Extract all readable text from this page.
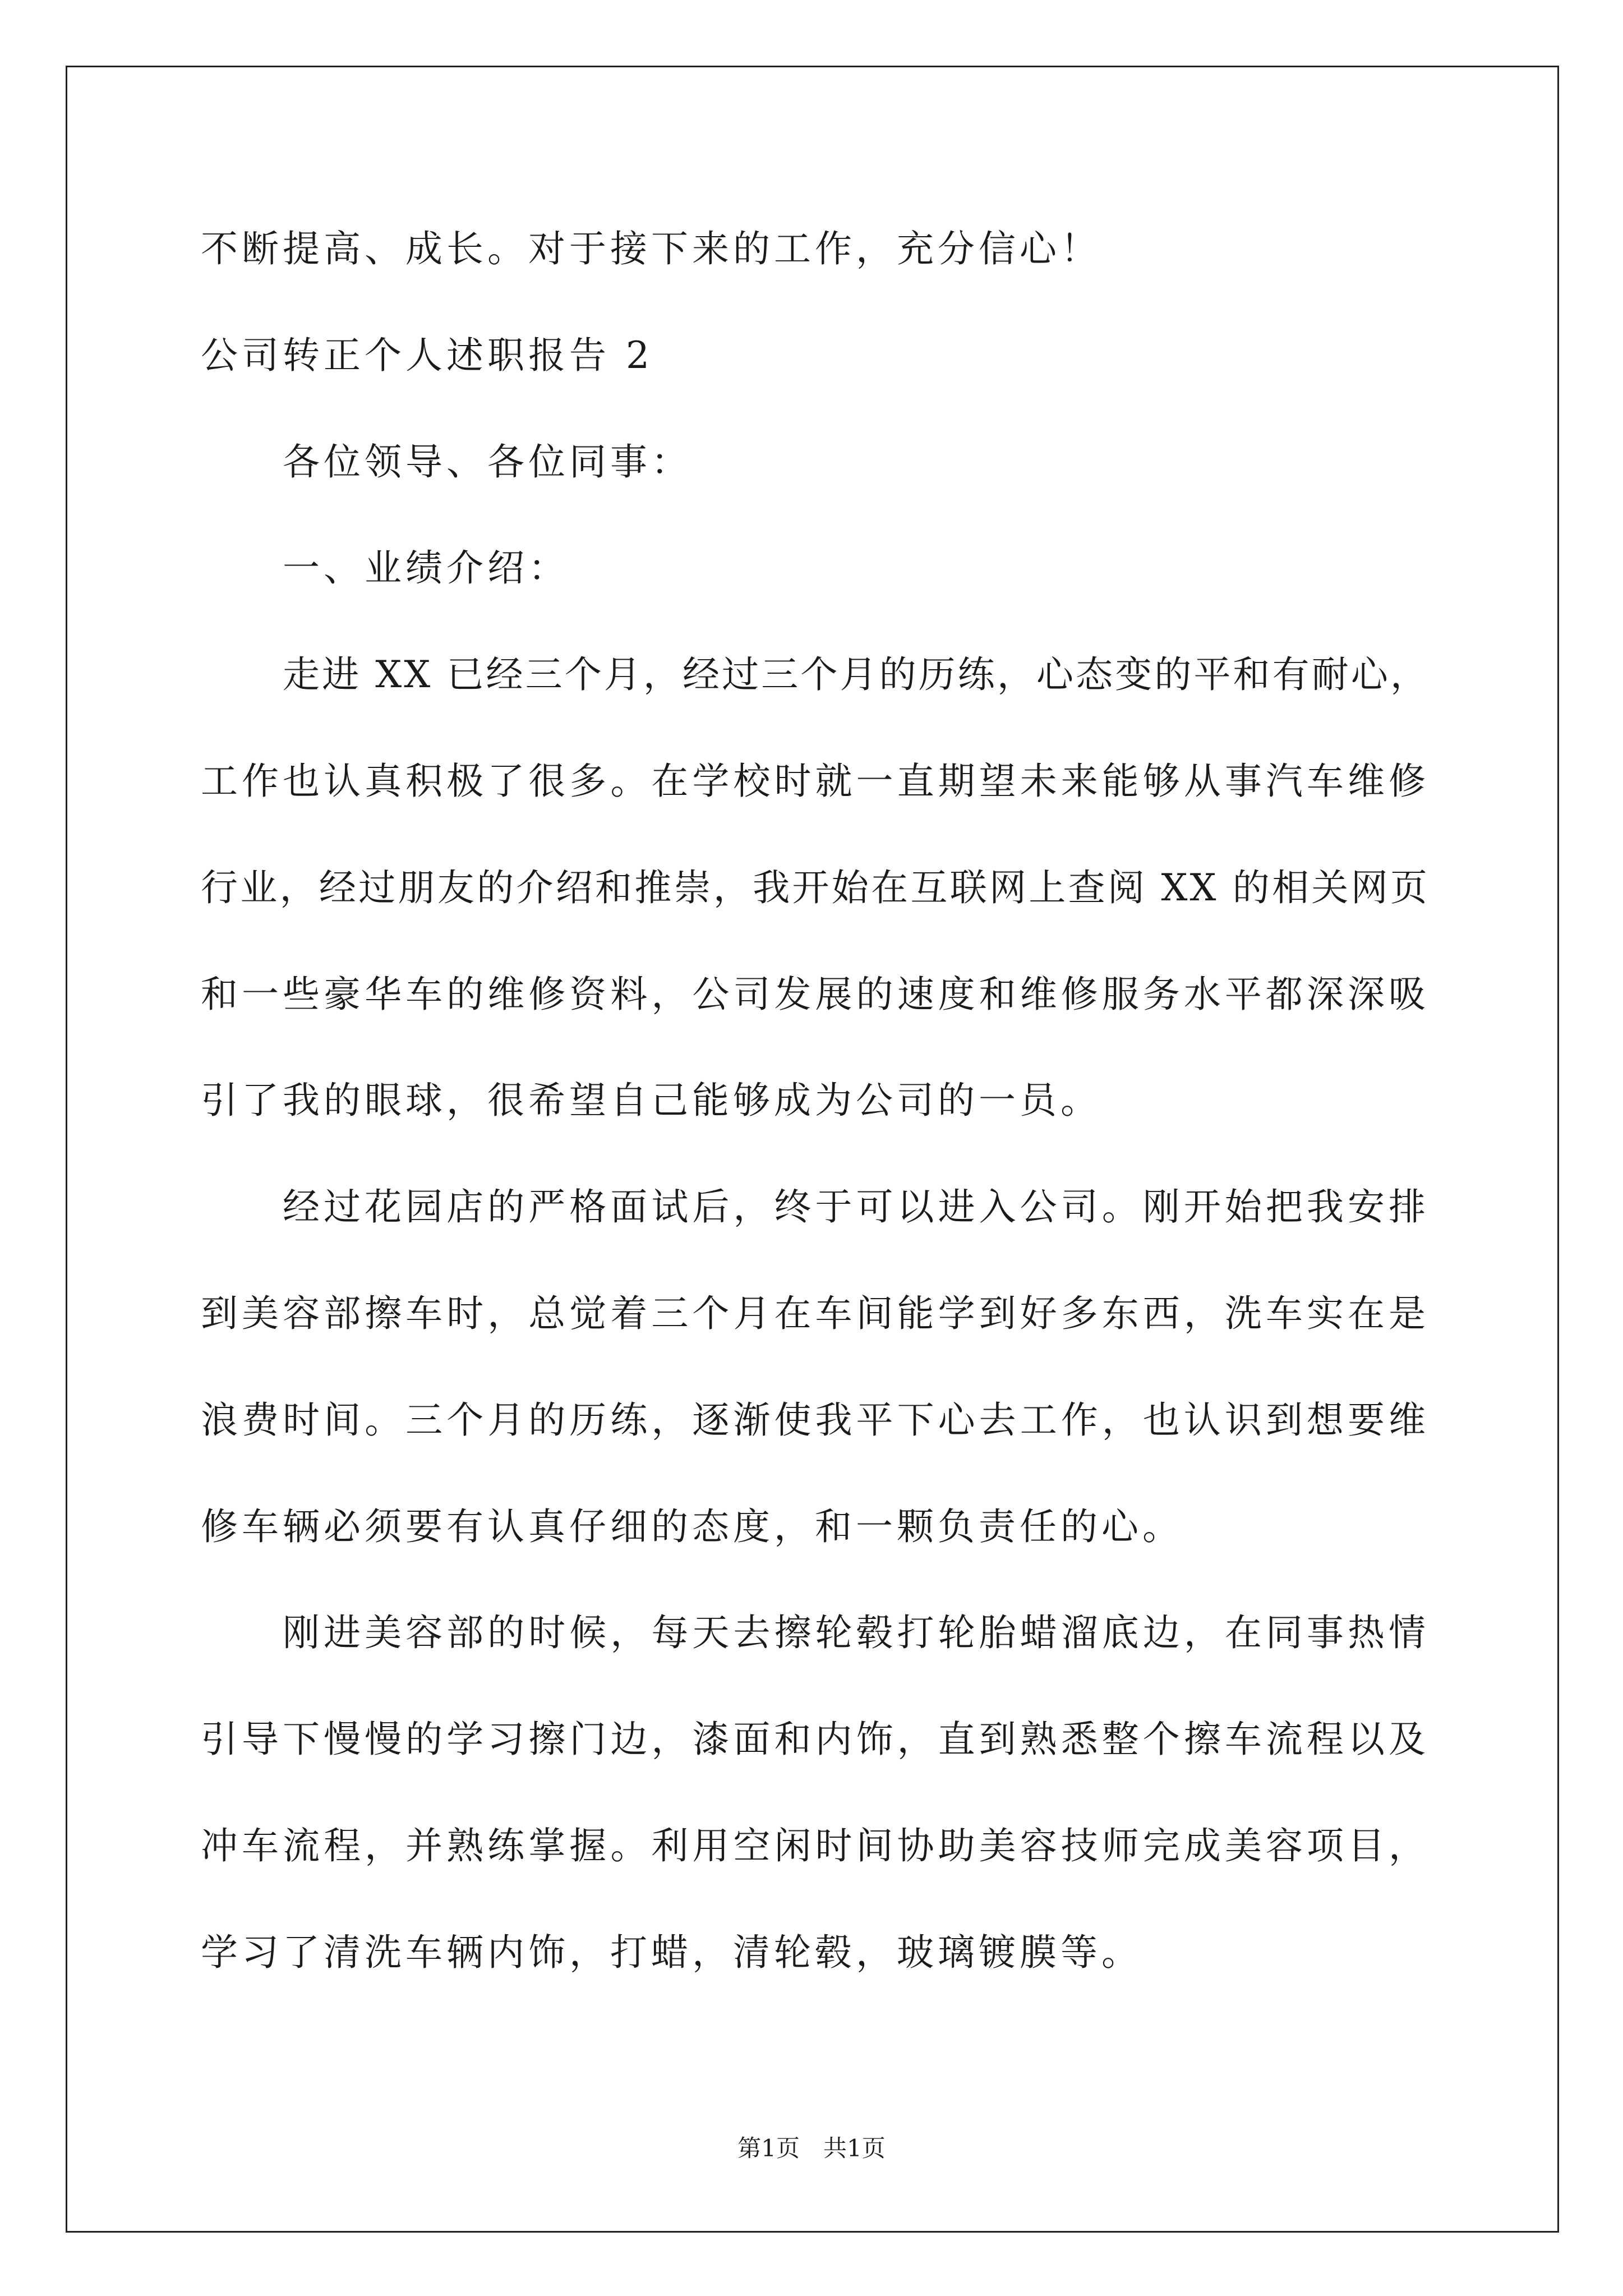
不断提高、成长。对于接下来的工作，充分信心！
公司转正个人述职报告 2
各位领导、各位同事：
一、业绩介绍：
走进 XX 已经三个月，经过三个月的历练，心态变的平和有耐心，
工作也认真积极了很多。在学校时就一直期望未来能够从事汽车维修
行业，经过朋友的介绍和推崇，我开始在互联网上查阅 XX 的相关网页
和一些豪华车的维修资料，公司发展的速度和维修服务水平都深深吸
引了我的眼球，很希望自己能够成为公司的一员。
经过花园店的严格面试后，终于可以进入公司。刚开始把我安排
到美容部擦车时，总觉着三个月在车间能学到好多东西，洗车实在是
浪费时间。三个月的历练，逐渐使我平下心去工作，也认识到想要维
修车辆必须要有认真仔细的态度，和一颗负责任的心。
刚进美容部的时候，每天去擦轮毂打轮胎蜡溜底边，在同事热情
引导下慢慢的学习擦门边，漆面和内饰，直到熟悉整个擦车流程以及
冲车流程，并熟练掌握。利用空闲时间协助美容技师完成美容项目，
学习了清洗车辆内饰，打蜡，清轮毂，玻璃镀膜等。
第1页　共1页
